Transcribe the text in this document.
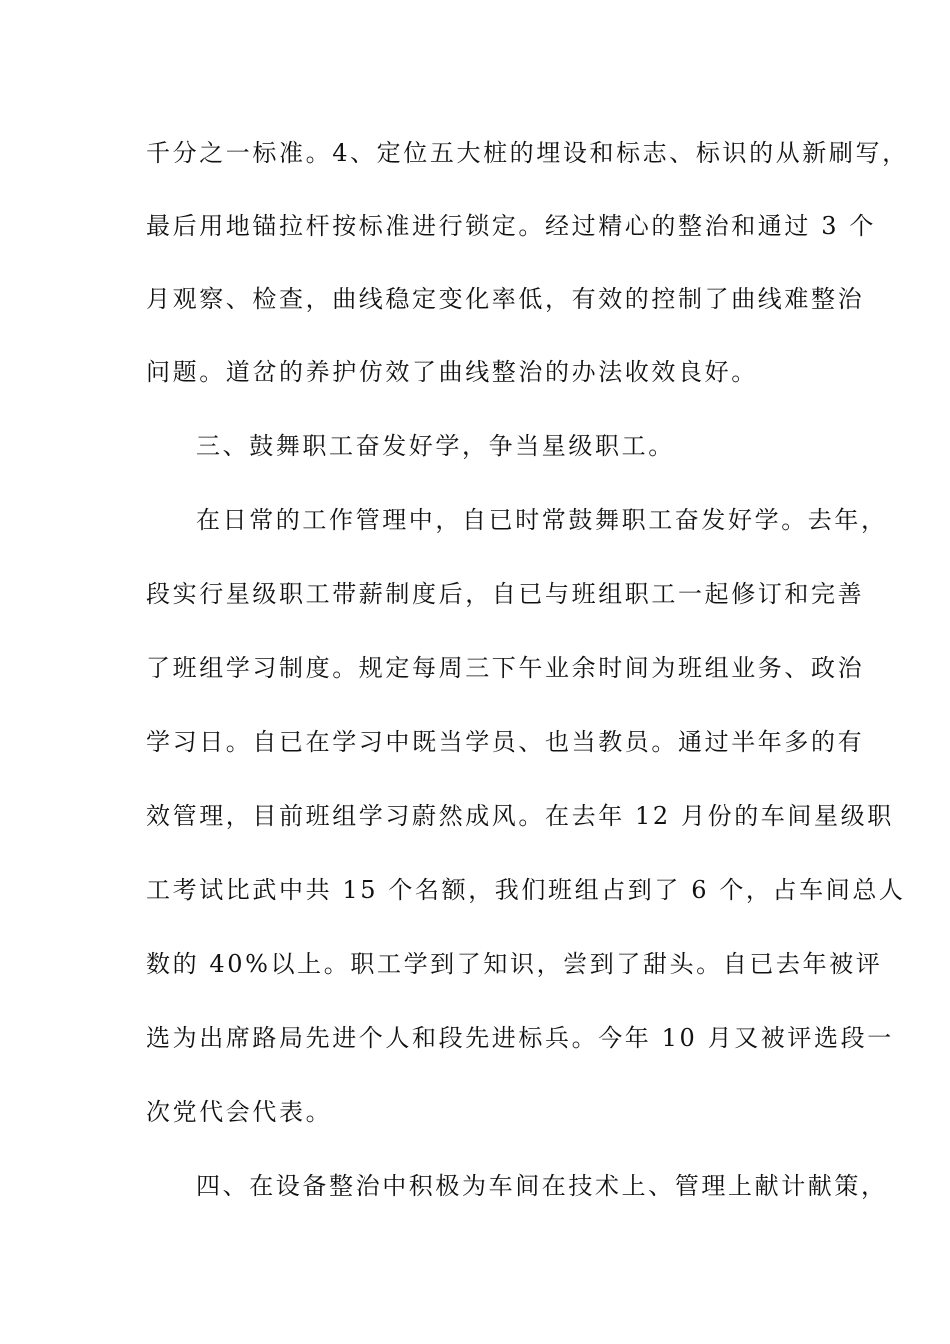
千分之一标准。4、定位五大桩的埋设和标志、标识的从新刷写，
最后用地锚拉杆按标准进行锁定。经过精心的整治和通过 3 个
月观察、检查，曲线稳定变化率低，有效的控制了曲线难整治
问题。道岔的养护仿效了曲线整治的办法收效良好。
三、鼓舞职工奋发好学，争当星级职工。
在日常的工作管理中，自已时常鼓舞职工奋发好学。去年，
段实行星级职工带薪制度后，自已与班组职工一起修订和完善
了班组学习制度。规定每周三下午业余时间为班组业务、政治
学习日。自已在学习中既当学员、也当教员。通过半年多的有
效管理，目前班组学习蔚然成风。在去年 12 月份的车间星级职
工考试比武中共 15 个名额，我们班组占到了 6 个，占车间总人
数的 40%以上。职工学到了知识，尝到了甜头。自已去年被评
选为出席路局先进个人和段先进标兵。今年 10 月又被评选段一
次党代会代表。
四、在设备整治中积极为车间在技术上、管理上献计献策，
